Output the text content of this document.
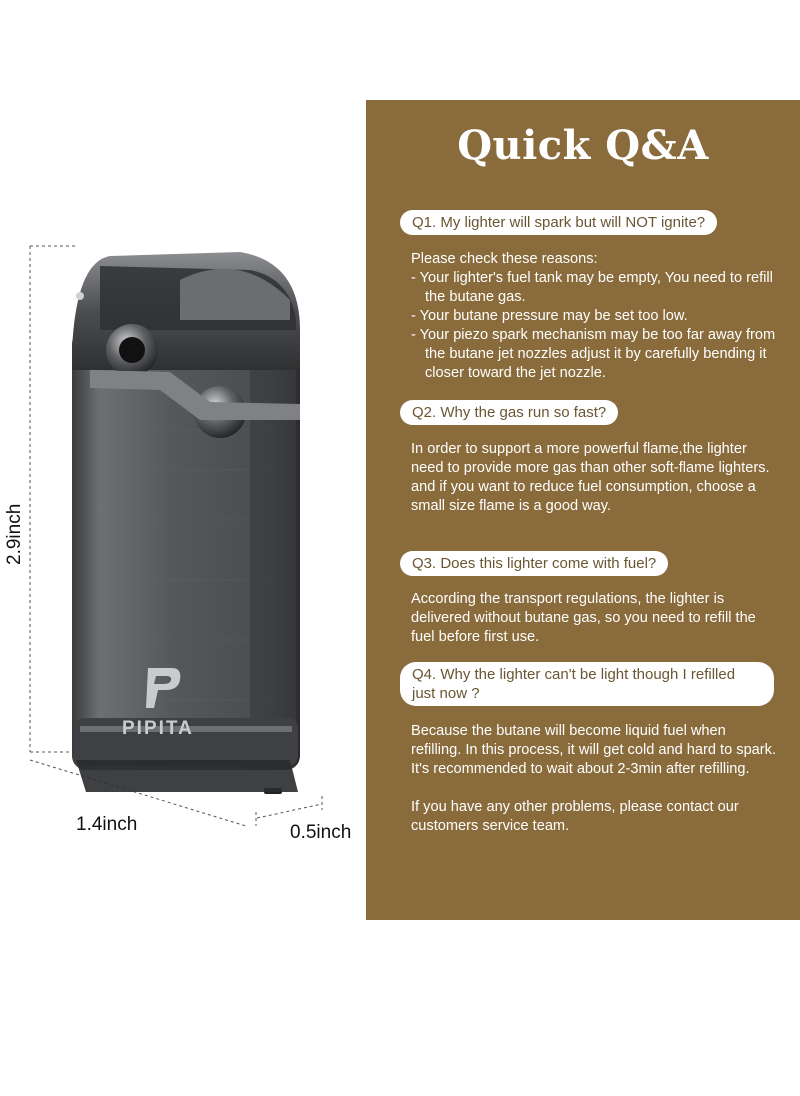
PIPITA
2.9inch
1.4inch	0.5inch
Quick Q&A
Q1. My lighter will spark but will NOT ignite?

Please check these reasons:

- Your lighter's fuel tank may be empty, You need to refill the butane gas.

- Your butane pressure may be set too low.

- Your piezo spark mechanism may be too far away from the butane jet nozzles adjust it by carefully bending it closer toward the jet nozzle.

Q2. Why the gas run so fast?
In order to support a more powerful flame,the lighter need to provide more gas than other soft-flame lighters. and if you want to reduce fuel consumption, choose a small size flame is a good way.
Q3. Does this lighter come with fuel?
According the transport regulations, the lighter is delivered without butane gas, so you need to refill the fuel before first use.
Q4. Why the lighter can't be light though I refilled just now ?

Because the butane will become liquid fuel when refilling. In this process, it will get cold and hard to spark. It's recommended to wait about 2-3min after refilling.

If you have any other problems, please contact our customers service team.
